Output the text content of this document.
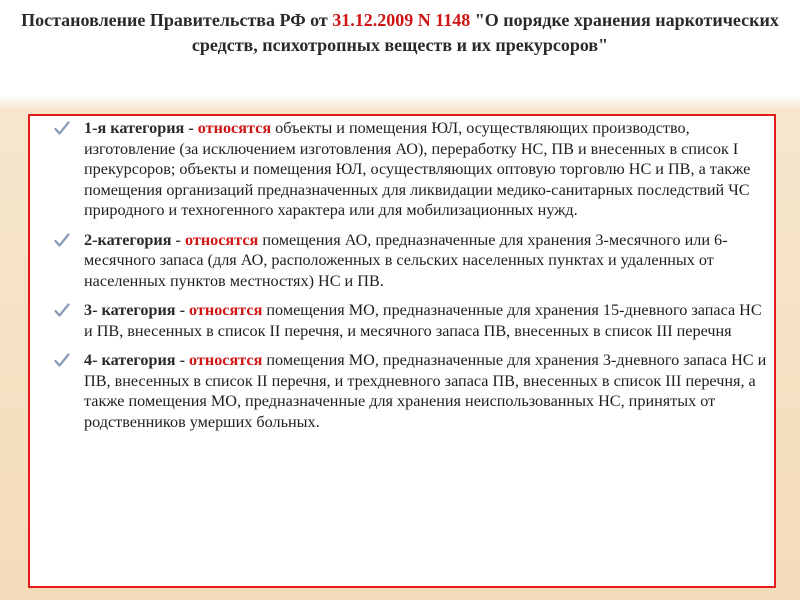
Постановление Правительства РФ от 31.12.2009 N 1148 "О порядке хранения наркотических средств, психотропных веществ и их прекурсоров"
1-я категория - относятся объекты и помещения ЮЛ, осуществляющих производство, изготовление (за исключением изготовления АО), переработку НС, ПВ и внесенных в список I прекурсоров; объекты и помещения ЮЛ, осуществляющих оптовую торговлю НС и ПВ, а также помещения организаций предназначенных для ликвидации медико-санитарных последствий ЧС природного и техногенного характера или для мобилизационных нужд.
2-категория - относятся помещения АО, предназначенные для хранения 3-месячного или 6-месячного запаса (для АО, расположенных в сельских населенных пунктах и удаленных от населенных пунктов местностях) НС и ПВ.
3- категория - относятся помещения МО, предназначенные для хранения 15-дневного запаса НС и ПВ, внесенных в список II перечня, и месячного запаса ПВ, внесенных в список III перечня
4- категория - относятся помещения МО, предназначенные для хранения 3-дневного запаса НС и ПВ, внесенных в список II перечня, и трехдневного запаса ПВ, внесенных в список III перечня, а также помещения МО, предназначенные для хранения неиспользованных НС, принятых от родственников умерших больных.
